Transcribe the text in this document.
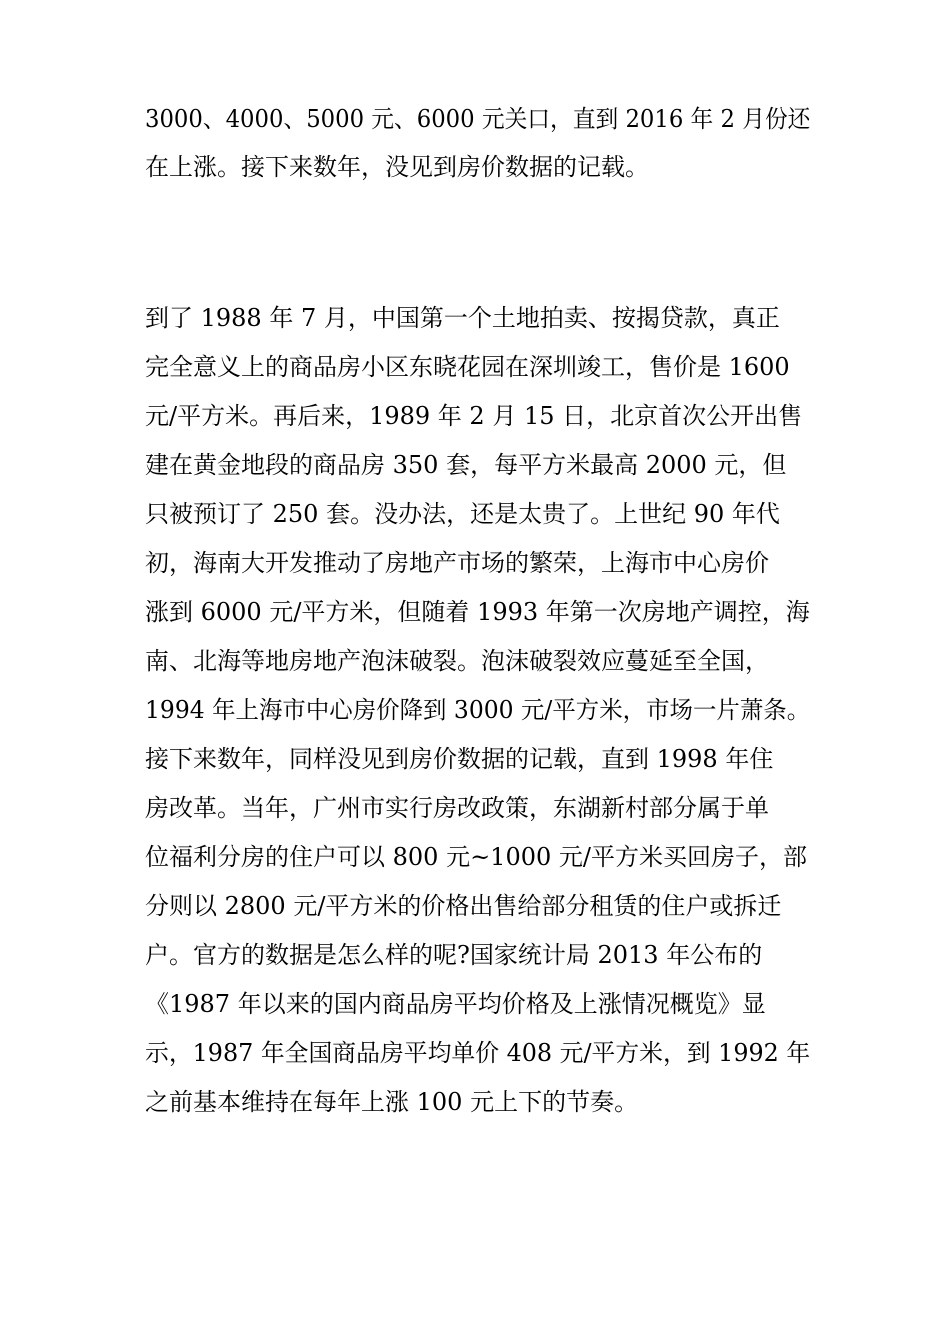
3000、4000、5000 元、6000 元关口，直到 2016 年 2 月份还
在上涨。接下来数年，没见到房价数据的记载。
到了 1988 年 7 月，中国第一个土地拍卖、按揭贷款，真正
完全意义上的商品房小区东晓花园在深圳竣工，售价是 1600
元/平方米。再后来，1989 年 2 月 15 日，北京首次公开出售
建在黄金地段的商品房 350 套，每平方米最高 2000 元，但
只被预订了 250 套。没办法，还是太贵了。上世纪 90 年代
初，海南大开发推动了房地产市场的繁荣，上海市中心房价
涨到 6000 元/平方米，但随着 1993 年第一次房地产调控，海
南、北海等地房地产泡沫破裂。泡沫破裂效应蔓延至全国，
1994 年上海市中心房价降到 3000 元/平方米，市场一片萧条。
接下来数年，同样没见到房价数据的记载，直到 1998 年住
房改革。当年，广州市实行房改政策，东湖新村部分属于单
位福利分房的住户可以 800 元~1000 元/平方米买回房子，部
分则以 2800 元/平方米的价格出售给部分租赁的住户或拆迁
户。官方的数据是怎么样的呢?国家统计局 2013 年公布的
《1987 年以来的国内商品房平均价格及上涨情况概览》显
示，1987 年全国商品房平均单价 408 元/平方米，到 1992 年
之前基本维持在每年上涨 100 元上下的节奏。
